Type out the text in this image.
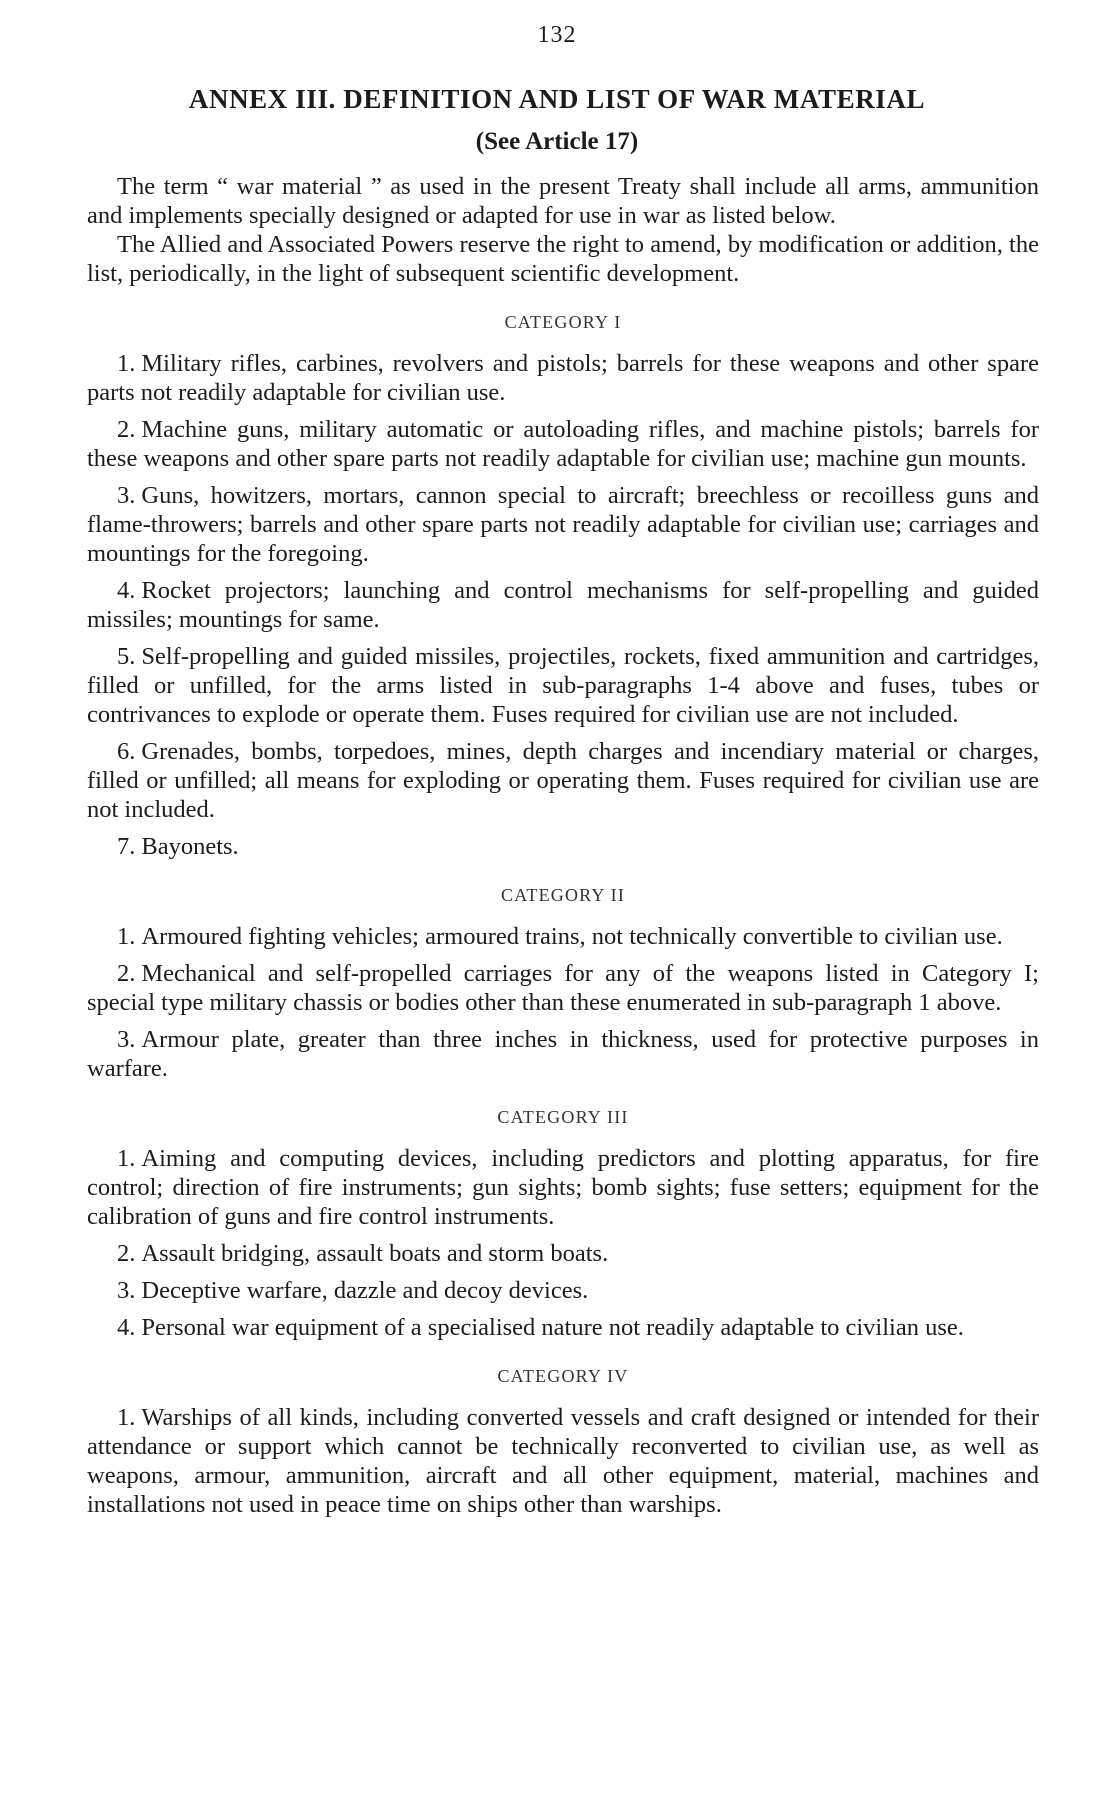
132
ANNEX III. DEFINITION AND LIST OF WAR MATERIAL
(See Article 17)

The term “ war material ” as used in the present Treaty shall include all arms, ammunition and implements specially designed or adapted for use in war as listed below.

The Allied and Associated Powers reserve the right to amend, by modification or addition, the list, periodically, in the light of subsequent scientific development.

CATEGORY I

1. Military rifles, carbines, revolvers and pistols; barrels for these weapons and other spare parts not readily adaptable for civilian use.

2. Machine guns, military automatic or autoloading rifles, and machine pistols; barrels for these weapons and other spare parts not readily adaptable for civilian use; machine gun mounts.

3. Guns, howitzers, mortars, cannon special to aircraft; breechless or recoilless guns and flame-throwers; barrels and other spare parts not readily adaptable for civilian use; carriages and mountings for the foregoing.

4. Rocket projectors; launching and control mechanisms for self-propelling and guided missiles; mountings for same.

5. Self-propelling and guided missiles, projectiles, rockets, fixed ammunition and cartridges, filled or unfilled, for the arms listed in sub-paragraphs 1-4 above and fuses, tubes or contrivances to explode or operate them. Fuses required for civilian use are not included.

6. Grenades, bombs, torpedoes, mines, depth charges and incendiary material or charges, filled or unfilled; all means for exploding or operating them. Fuses required for civilian use are not included.

7. Bayonets.

CATEGORY II

1. Armoured fighting vehicles; armoured trains, not technically convertible to civilian use.

2. Mechanical and self-propelled carriages for any of the weapons listed in Category I; special type military chassis or bodies other than these enumerated in sub-paragraph 1 above.

3. Armour plate, greater than three inches in thickness, used for protective purposes in warfare.

CATEGORY III

1. Aiming and computing devices, including predictors and plotting apparatus, for fire control; direction of fire instruments; gun sights; bomb sights; fuse setters; equipment for the calibration of guns and fire control instruments.

2. Assault bridging, assault boats and storm boats.

3. Deceptive warfare, dazzle and decoy devices.

4. Personal war equipment of a specialised nature not readily adaptable to civilian use.

CATEGORY IV

1. Warships of all kinds, including converted vessels and craft designed or intended for their attendance or support which cannot be technically reconverted to civilian use, as well as weapons, armour, ammunition, aircraft and all other equipment, material, machines and installations not used in peace time on ships other than warships.
